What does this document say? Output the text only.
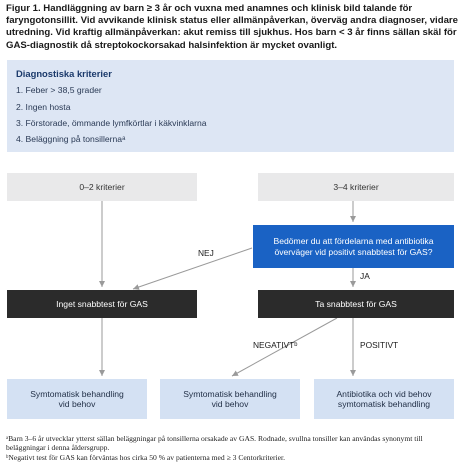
Figur 1. Handläggning av barn ≥ 3 år och vuxna med anamnes och klinisk bild talande för faryngotonsillit. Vid avvikande klinisk status eller allmänpåverkan, överväg andra diagnoser, vidare utredning. Vid kraftig allmänpåverkan: akut remiss till sjukhus. Hos barn < 3 år finns sällan skäl för GAS-diagnostik då streptokockorsakad halsinfektion är mycket ovanligt.
Diagnostiska kriterier
1. Feber > 38,5 grader
2. Ingen hosta
3. Förstorade, ömmande lymfkörtlar i käkvinklarna
4. Beläggning på tonsillernaᵃ
0–2 kriterier	3–4 kriterier
Bedömer du att fördelarna med antibiotika överväger vid positivt snabbtest för GAS?
NEJ
JA
Inget snabbtest för GAS	Ta snabbtest för GAS
NEGATIVTᵇ	POSITIVT
Symtomatisk behandling vid behov
Symtomatisk behandling vid behov
Antibiotika och vid behov symtomatisk behandling
ᵃBarn 3–6 år utvecklar ytterst sällan beläggningar på tonsillerna orsakade av GAS. Rodnade, svullna tonsiller kan användas synonymt till beläggningar i denna åldersgrupp.
ᵇNegativt test för GAS kan förväntas hos cirka 50 % av patienterna med ≥ 3 Centorkriterier.
